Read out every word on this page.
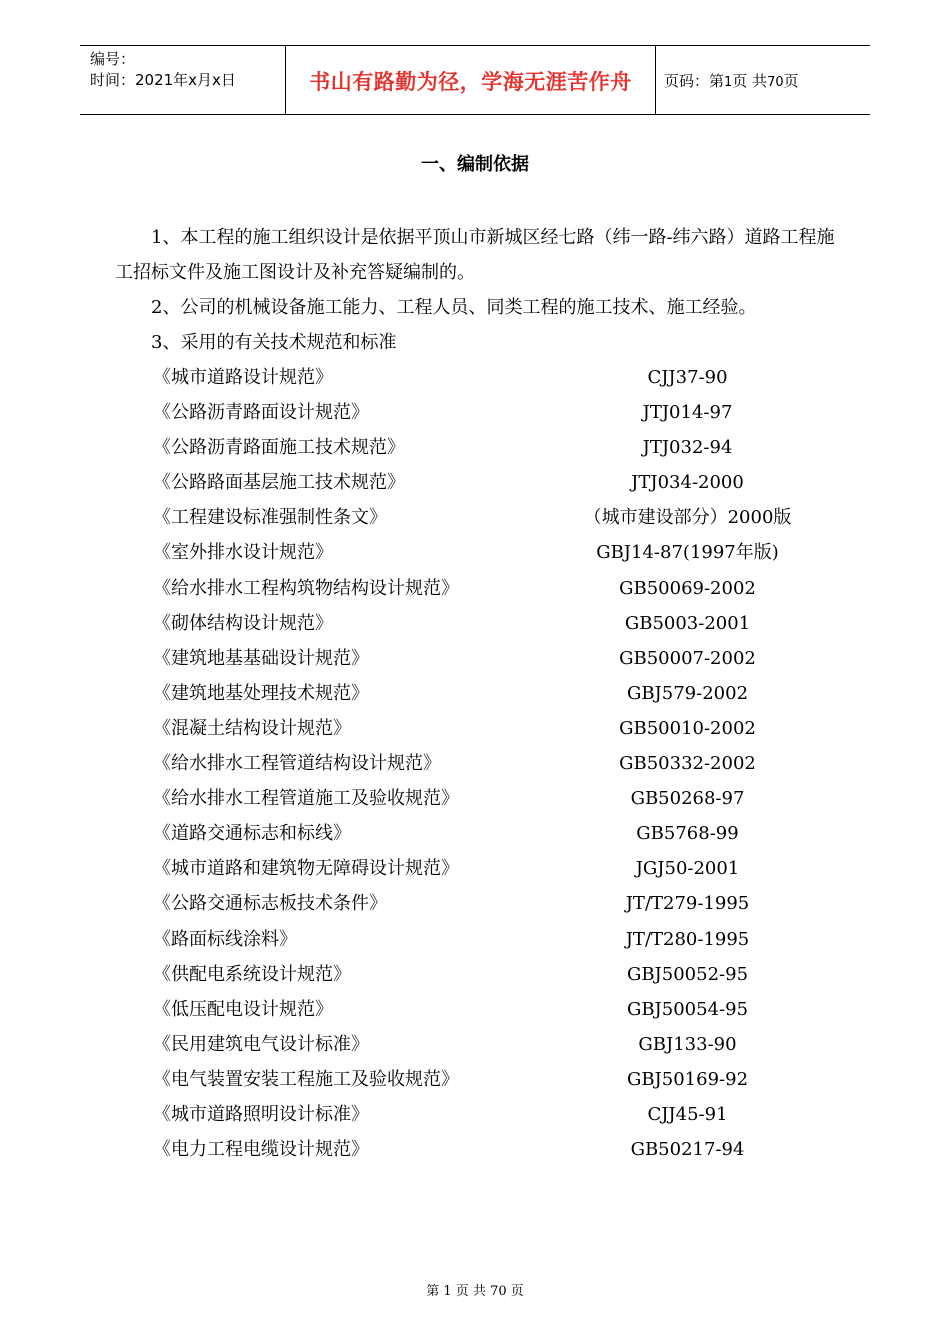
编号：
时间：2021年x月x日	书山有路勤为径，学海无涯苦作舟	页码：第1页 共70页
一、编制依据
1、本工程的施工组织设计是依据平顶山市新城区经七路（纬一路-纬六路）道路工程施工招标文件及施工图设计及补充答疑编制的。
2、公司的机械设备施工能力、工程人员、同类工程的施工技术、施工经验。
3、采用的有关技术规范和标准
《城市道路设计规范》	CJJ37-90
《公路沥青路面设计规范》	JTJ014-97
《公路沥青路面施工技术规范》	JTJ032-94
《公路路面基层施工技术规范》	JTJ034-2000
《工程建设标准强制性条文》	（城市建设部分）2000版
《室外排水设计规范》	GBJ14-87(1997年版)
《给水排水工程构筑物结构设计规范》	GB50069-2002
《砌体结构设计规范》	GB5003-2001
《建筑地基基础设计规范》	GB50007-2002
《建筑地基处理技术规范》	GBJ579-2002
《混凝土结构设计规范》	GB50010-2002
《给水排水工程管道结构设计规范》	GB50332-2002
《给水排水工程管道施工及验收规范》	GB50268-97
《道路交通标志和标线》	GB5768-99
《城市道路和建筑物无障碍设计规范》	JGJ50-2001
《公路交通标志板技术条件》	JT/T279-1995
《路面标线涂料》	JT/T280-1995
《供配电系统设计规范》	GBJ50052-95
《低压配电设计规范》	GBJ50054-95
《民用建筑电气设计标准》	GBJ133-90
《电气装置安装工程施工及验收规范》	GBJ50169-92
《城市道路照明设计标准》	CJJ45-91
《电力工程电缆设计规范》	GB50217-94
第 1 页 共 70 页
